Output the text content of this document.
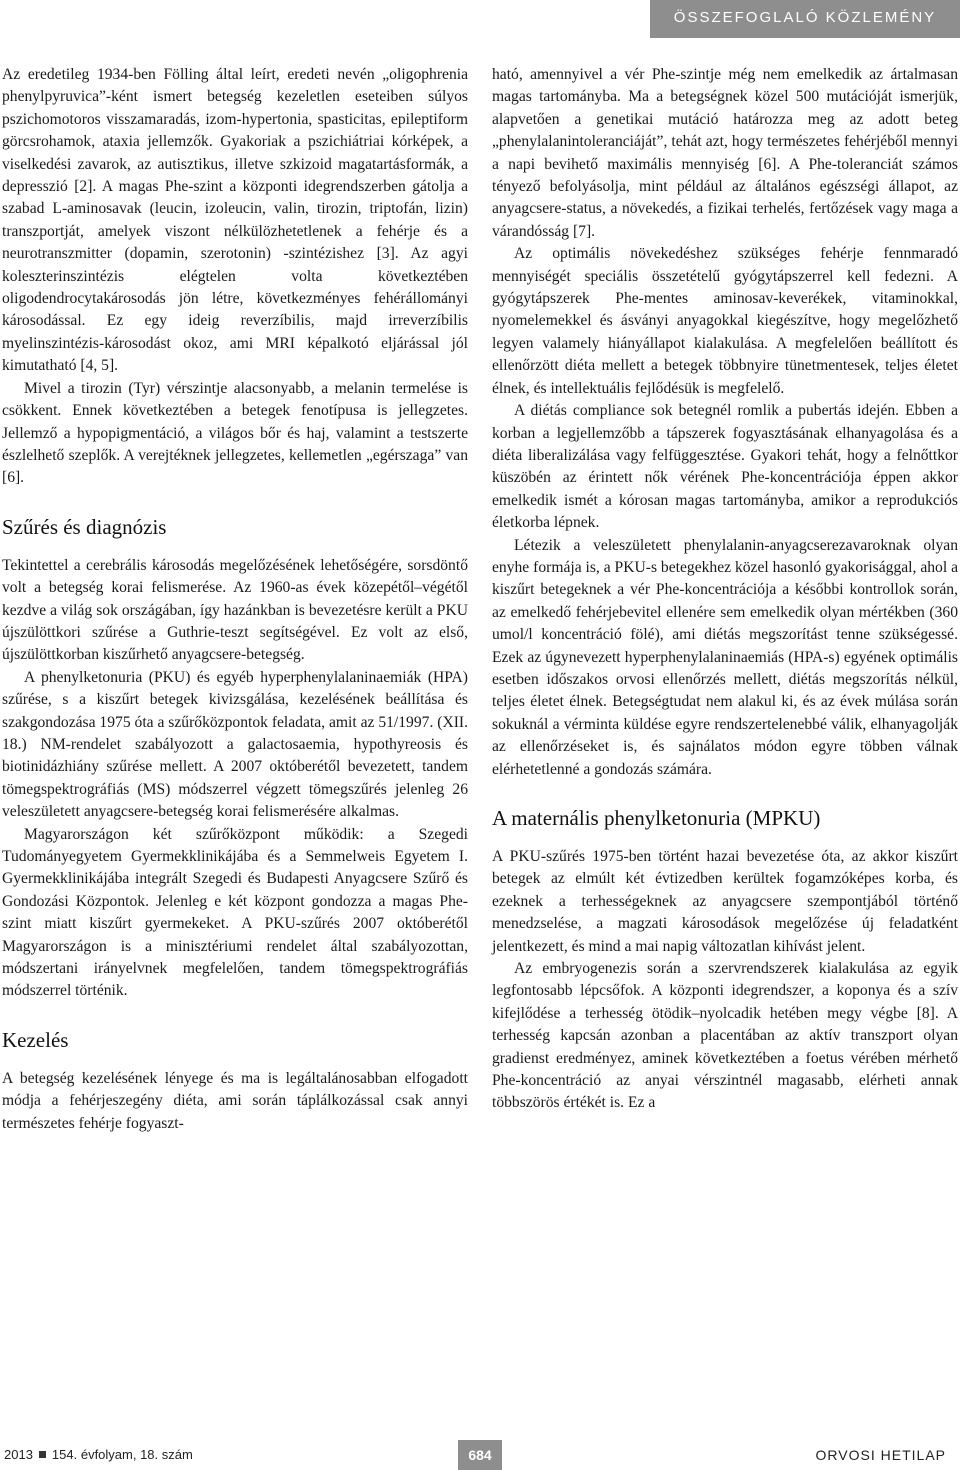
ÖSSZEFOGLALÓ KÖZLEMÉNY

Az eredetileg 1934-ben Fölling által leírt, eredeti nevén „oligophrenia phenylpyruvica”-ként ismert betegség kezeletlen eseteiben súlyos pszichomotoros visszamaradás, izom-hypertonia, spasticitas, epileptiform görcsrohamok, ataxia jellemzők. Gyakoriak a pszichiátriai kórképek, a viselkedési zavarok, az autisztikus, illetve szkizoid magatartásformák, a depresszió [2]. A magas Phe-szint a központi idegrendszerben gátolja a szabad L-aminosavak (leucin, izoleucin, valin, tirozin, triptofán, lizin) transzportját, amelyek viszont nélkülözhetetlenek a fehérje és a neurotranszmitter (dopamin, szerotonin) -szintézishez [3]. Az agyi koleszterinszintézis elégtelen volta következtében oligodendrocytakárosodás jön létre, következményes fehérállományi károsodással. Ez egy ideig reverzíbilis, majd irreverzíbilis myelinszintézis-károsodást okoz, ami MRI képalkotó eljárással jól kimutatható [4, 5].

Mivel a tirozin (Tyr) vérszintje alacsonyabb, a melanin termelése is csökkent. Ennek következtében a betegek fenotípusa is jellegzetes. Jellemző a hypopigmentáció, a világos bőr és haj, valamint a testszerte észlelhető szeplők. A verejtéknek jellegzetes, kellemetlen „egérszaga” van [6].

Szűrés és diagnózis

Tekintettel a cerebrális károsodás megelőzésének lehetőségére, sorsdöntő volt a betegség korai felismerése. Az 1960-as évek közepétől–végétől kezdve a világ sok országában, így hazánkban is bevezetésre került a PKU újszülöttkori szűrése a Guthrie-teszt segítségével. Ez volt az első, újszülöttkorban kiszűrhető anyagcsere-betegség.

A phenylketonuria (PKU) és egyéb hyperphenylalaninaemiák (HPA) szűrése, s a kiszűrt betegek kivizsgálása, kezelésének beállítása és szakgondozása 1975 óta a szűrőközpontok feladata, amit az 51/1997. (XII. 18.) NM-rendelet szabályozott a galactosaemia, hypothyreosis és biotinidázhiány szűrése mellett. A 2007 októberétől bevezetett, tandem tömegspektrográfiás (MS) módszerrel végzett tömegszűrés jelenleg 26 veleszületett anyagcsere-betegség korai felismerésére alkalmas.

Magyarországon két szűrőközpont működik: a Szegedi Tudományegyetem Gyermekklinikájába és a Semmelweis Egyetem I. Gyermekklinikájába integrált Szegedi és Budapesti Anyagcsere Szűrő és Gondozási Központok. Jelenleg e két központ gondozza a magas Phe-szint miatt kiszűrt gyermekeket. A PKU-szűrés 2007 októberétől Magyarországon is a minisztériumi rendelet által szabályozottan, módszertani irányelvnek megfelelően, tandem tömegspektrográfiás módszerrel történik.

Kezelés

A betegség kezelésének lényege és ma is legáltalánosabban elfogadott módja a fehérjeszegény diéta, ami során táplálkozással csak annyi természetes fehérje fogyaszt-

ható, amennyivel a vér Phe-szintje még nem emelkedik az ártalmasan magas tartományba. Ma a betegségnek közel 500 mutációját ismerjük, alapvetően a genetikai mutáció határozza meg az adott beteg „phenylalanintoleranciáját”, tehát azt, hogy természetes fehérjéből mennyi a napi bevihető maximális mennyiség [6]. A Phe-toleranciát számos tényező befolyásolja, mint például az általános egészségi állapot, az anyagcsere-status, a növekedés, a fizikai terhelés, fertőzések vagy maga a várandósság [7].

Az optimális növekedéshez szükséges fehérje fennmaradó mennyiségét speciális összetételű gyógytápszerrel kell fedezni. A gyógytápszerek Phe-mentes aminosav-keverékek, vitaminokkal, nyomelemekkel és ásványi anyagokkal kiegészítve, hogy megelőzhető legyen valamely hiányállapot kialakulása. A megfelelően beállított és ellenőrzött diéta mellett a betegek többnyire tünetmentesek, teljes életet élnek, és intellektuális fejlődésük is megfelelő.

A diétás compliance sok betegnél romlik a pubertás idején. Ebben a korban a legjellemzőbb a tápszerek fogyasztásának elhanyagolása és a diéta liberalizálása vagy felfüggesztése. Gyakori tehát, hogy a felnőttkor küszöbén az érintett nők vérének Phe-koncentrációja éppen akkor emelkedik ismét a kórosan magas tartományba, amikor a reprodukciós életkorba lépnek.

Létezik a veleszületett phenylalanin-anyagcserezavaroknak olyan enyhe formája is, a PKU-s betegekhez közel hasonló gyakorisággal, ahol a kiszűrt betegeknek a vér Phe-koncentrációja a későbbi kontrollok során, az emelkedő fehérjebevitel ellenére sem emelkedik olyan mértékben (360 umol/l koncentráció fölé), ami diétás megszorítást tenne szükségessé. Ezek az úgynevezett hyperphenylalaninaemiás (HPA-s) egyének optimális esetben időszakos orvosi ellenőrzés mellett, diétás megszorítás nélkül, teljes életet élnek. Betegségtudat nem alakul ki, és az évek múlása során sokuknál a vérminta küldése egyre rendszertelenebbé válik, elhanyagolják az ellenőrzéseket is, és sajnálatos módon egyre többen válnak elérhetetlenné a gondozás számára.

A maternális phenylketonuria (MPKU)

A PKU-szűrés 1975-ben történt hazai bevezetése óta, az akkor kiszűrt betegek az elmúlt két évtizedben kerültek fogamzóképes korba, és ezeknek a terhességeknek az anyagcsere szempontjából történő menedzselése, a magzati károsodások megelőzése új feladatként jelentkezett, és mind a mai napig változatlan kihívást jelent.

Az embryogenezis során a szervrendszerek kialakulása az egyik legfontosabb lépcsőfok. A központi idegrendszer, a koponya és a szív kifejlődése a terhesség ötödik–nyolcadik hetében megy végbe [8]. A terhesség kapcsán azonban a placentában az aktív transzport olyan gradienst eredményez, aminek következtében a foetus vérében mérhető Phe-koncentráció az anyai vérszintnél magasabb, elérheti annak többszörös értékét is. Ez a

2013 154. évfolyam, 18. szám	684	ORVOSI HETILAP
